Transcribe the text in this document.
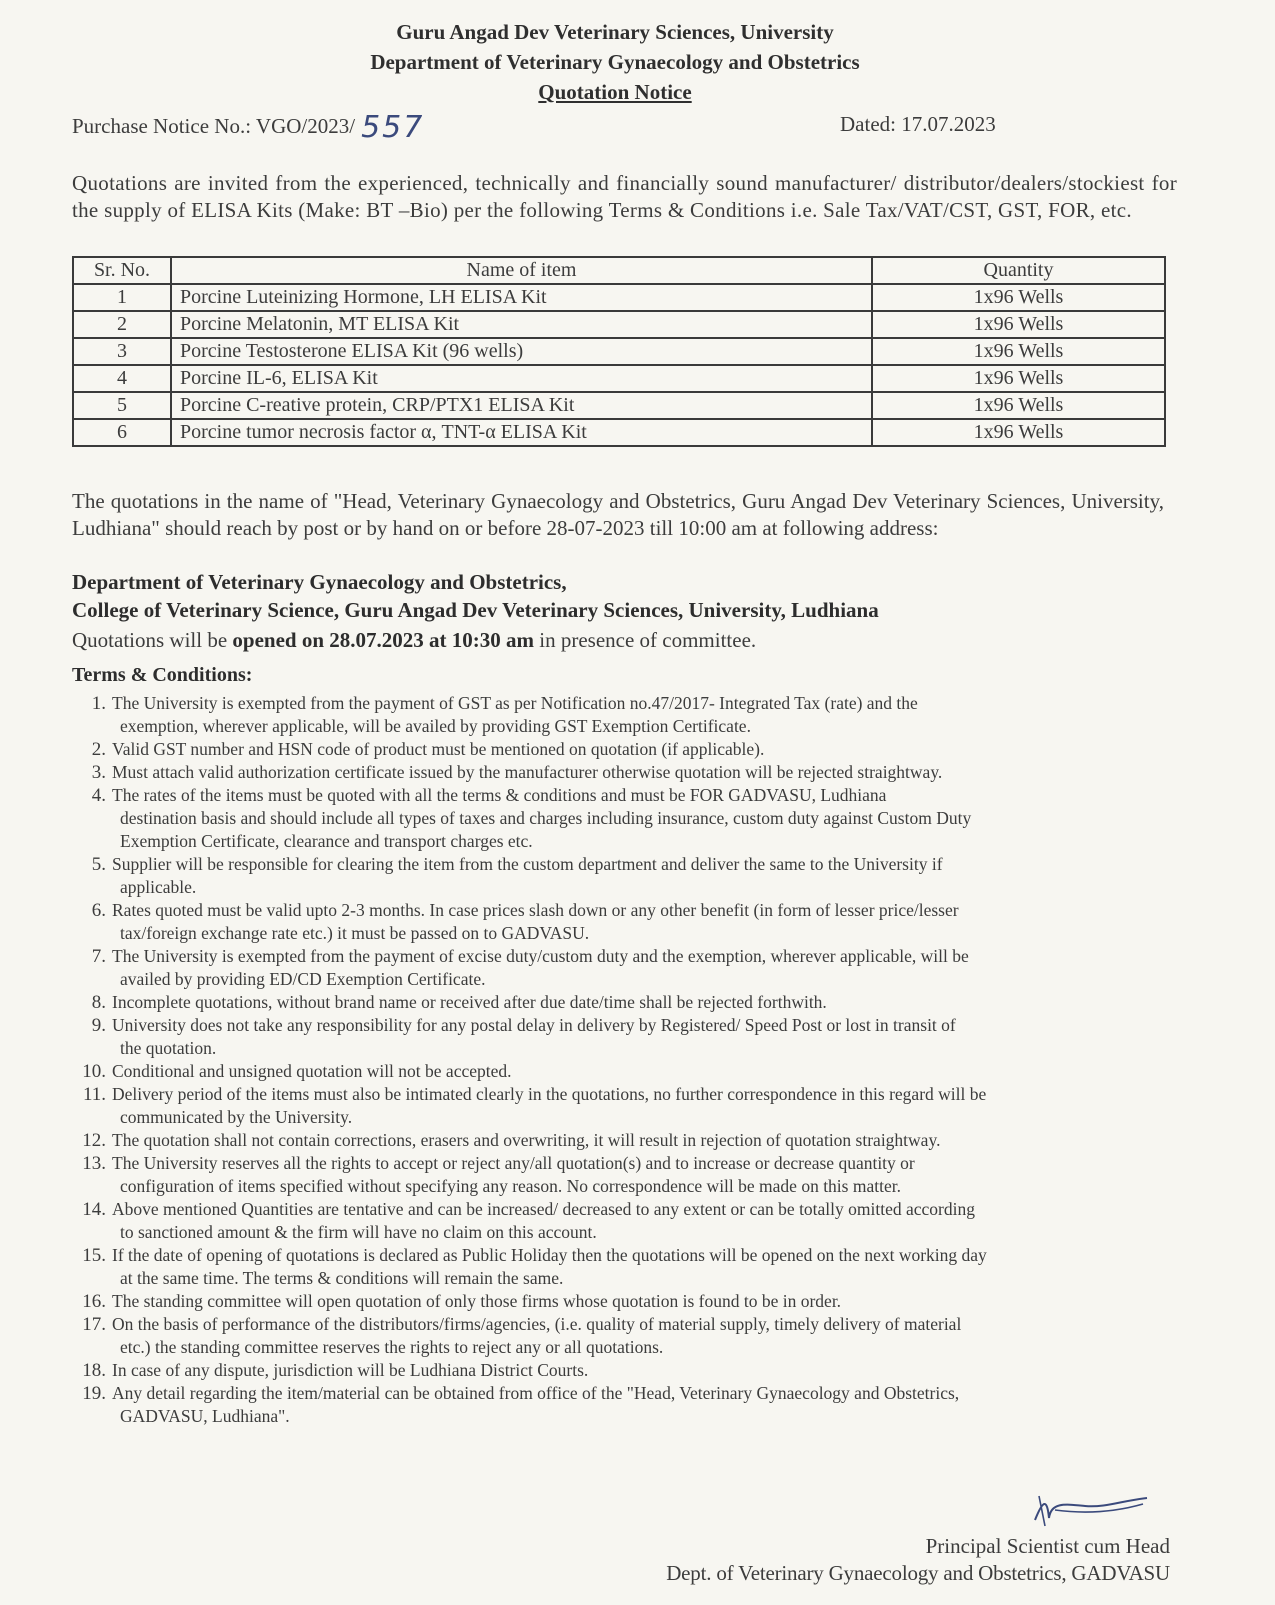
Guru Angad Dev Veterinary Sciences, University
Department of Veterinary Gynaecology and Obstetrics
Quotation Notice
Purchase Notice No.: VGO/2023/ 557	Dated: 17.07.2023
Quotations are invited from the experienced, technically and financially sound manufacturer/ distributor/dealers/stockiest for the supply of ELISA Kits (Make: BT –Bio) per the following Terms & Conditions i.e. Sale Tax/VAT/CST, GST, FOR, etc.
Sr. No.	Name of item	Quantity
1	Porcine Luteinizing Hormone, LH ELISA Kit	1x96 Wells
2	Porcine Melatonin, MT ELISA Kit	1x96 Wells
3	Porcine Testosterone ELISA Kit (96 wells)	1x96 Wells
4	Porcine IL-6, ELISA Kit	1x96 Wells
5	Porcine C-reative protein, CRP/PTX1 ELISA Kit	1x96 Wells
6	Porcine tumor necrosis factor α, TNT-α ELISA Kit	1x96 Wells
The quotations in the name of "Head, Veterinary Gynaecology and Obstetrics, Guru Angad Dev Veterinary Sciences, University, Ludhiana" should reach by post or by hand on or before 28-07-2023 till 10:00 am at following address:
Department of Veterinary Gynaecology and Obstetrics,
College of Veterinary Science, Guru Angad Dev Veterinary Sciences, University, Ludhiana
Quotations will be opened on 28.07.2023 at 10:30 am in presence of committee.
Terms & Conditions:
1. The University is exempted from the payment of GST as per Notification no.47/2017- Integrated Tax (rate) and the
exemption, wherever applicable, will be availed by providing GST Exemption Certificate.
2. Valid GST number and HSN code of product must be mentioned on quotation (if applicable).
3. Must attach valid authorization certificate issued by the manufacturer otherwise quotation will be rejected straightway.
4. The rates of the items must be quoted with all the terms & conditions and must be FOR GADVASU, Ludhiana
destination basis and should include all types of taxes and charges including insurance, custom duty against Custom Duty
Exemption Certificate, clearance and transport charges etc.
5. Supplier will be responsible for clearing the item from the custom department and deliver the same to the University if
applicable.
6. Rates quoted must be valid upto 2-3 months. In case prices slash down or any other benefit (in form of lesser price/lesser
tax/foreign exchange rate etc.) it must be passed on to GADVASU.
7. The University is exempted from the payment of excise duty/custom duty and the exemption, wherever applicable, will be
availed by providing ED/CD Exemption Certificate.
8. Incomplete quotations, without brand name or received after due date/time shall be rejected forthwith.
9. University does not take any responsibility for any postal delay in delivery by Registered/ Speed Post or lost in transit of
the quotation.
10. Conditional and unsigned quotation will not be accepted.
11. Delivery period of the items must also be intimated clearly in the quotations, no further correspondence in this regard will be
communicated by the University.
12. The quotation shall not contain corrections, erasers and overwriting, it will result in rejection of quotation straightway.
13. The University reserves all the rights to accept or reject any/all quotation(s) and to increase or decrease quantity or
configuration of items specified without specifying any reason. No correspondence will be made on this matter.
14. Above mentioned Quantities are tentative and can be increased/ decreased to any extent or can be totally omitted according
to sanctioned amount & the firm will have no claim on this account.
15. If the date of opening of quotations is declared as Public Holiday then the quotations will be opened on the next working day
at the same time. The terms & conditions will remain the same.
16. The standing committee will open quotation of only those firms whose quotation is found to be in order.
17. On the basis of performance of the distributors/firms/agencies, (i.e. quality of material supply, timely delivery of material
etc.) the standing committee reserves the rights to reject any or all quotations.
18. In case of any dispute, jurisdiction will be Ludhiana District Courts.
19. Any detail regarding the item/material can be obtained from office of the "Head, Veterinary Gynaecology and Obstetrics,
GADVASU, Ludhiana".
Principal Scientist cum Head
Dept. of Veterinary Gynaecology and Obstetrics, GADVASU
